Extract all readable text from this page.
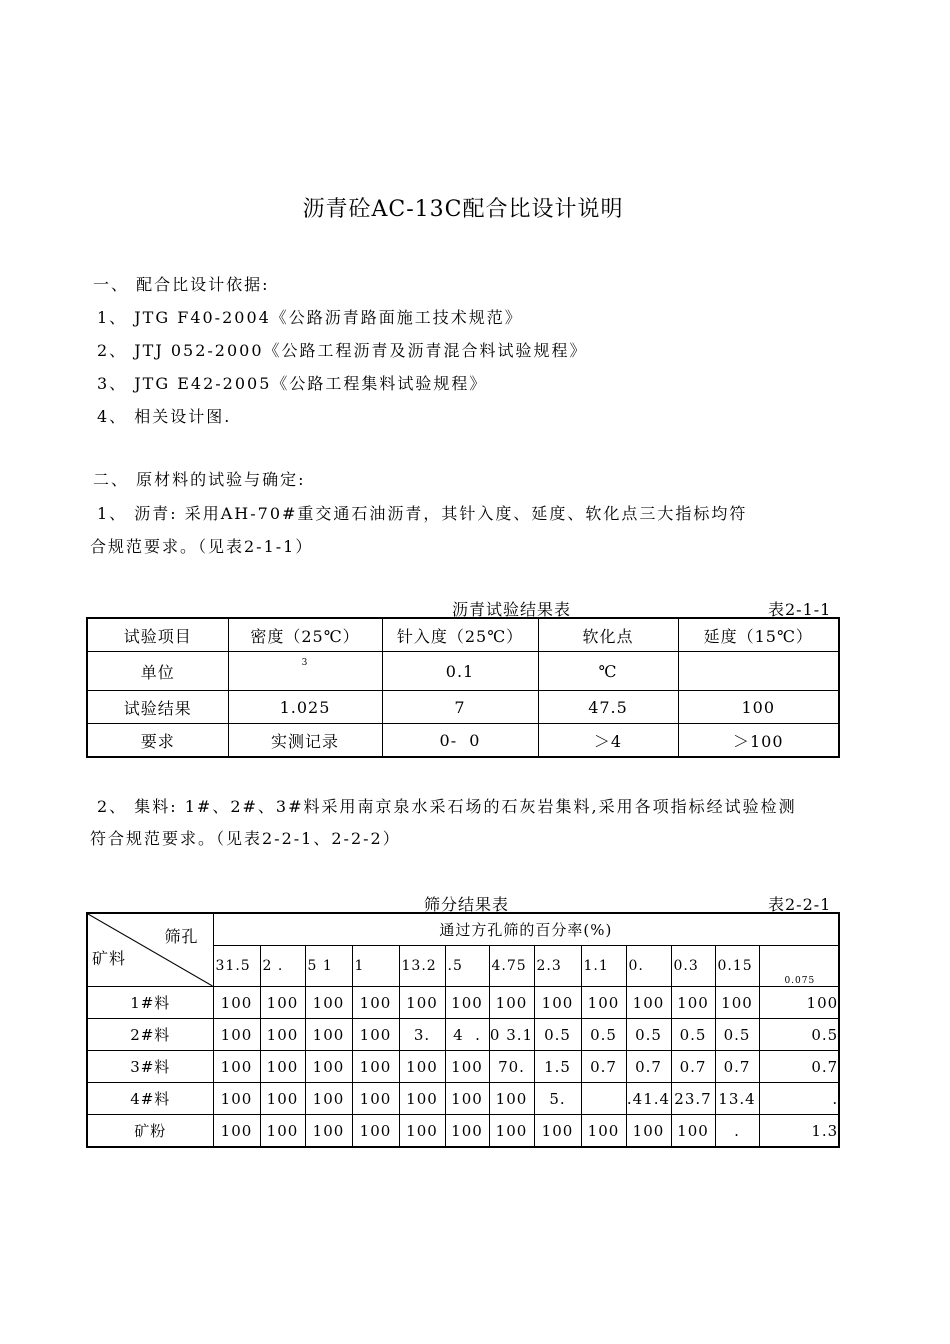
沥青砼AC-13C配合比设计说明
一、 配合比设计依据:
1、 JTG F40-2004《公路沥青路面施工技术规范》
2、 JTJ 052-2000《公路工程沥青及沥青混合料试验规程》
3、 JTG E42-2005《公路工程集料试验规程》
4、 相关设计图.
二、 原材料的试验与确定:
1、 沥青: 采用AH-70#重交通石油沥青，其针入度、延度、软化点三大指标均符
合规范要求。（见表2-1-1）
沥青试验结果表	表2-1-1
试验项目	密度（25℃）	针入度（25℃）	软化点	延度（15℃）
单位	3	0.1	℃	
试验结果	1.025	7	47.5	100
要求	实测记录	0-  0	＞4	＞100
2、 集料: 1#、2#、3#料采用南京泉水采石场的石灰岩集料,采用各项指标经试验检测
符合规范要求。（见表2-2-1、2-2-2）
筛分结果表	表2-2-1
筛孔
矿料	通过方孔筛的百分率(%)												
	31.5	2 .	5 1	1	13.2	.5	4.75	2.3	1.1	0.	0.3	0.15	0.075
1#料	100	100	100	100	100	100	100	100	100	100	100	100	100
2#料	100	100	100	100	3.	4  .	0 3.1	0.5	0.5	0.5	0.5	0.5	0.5
3#料	100	100	100	100	100	100	70.	1.5	0.7	0.7	0.7	0.7	0.7
4#料	100	100	100	100	100	100	100	5.		.41.4	23.7	13.4	.
矿粉	100	100	100	100	100	100	100	100	100	100	100	.	1.3
